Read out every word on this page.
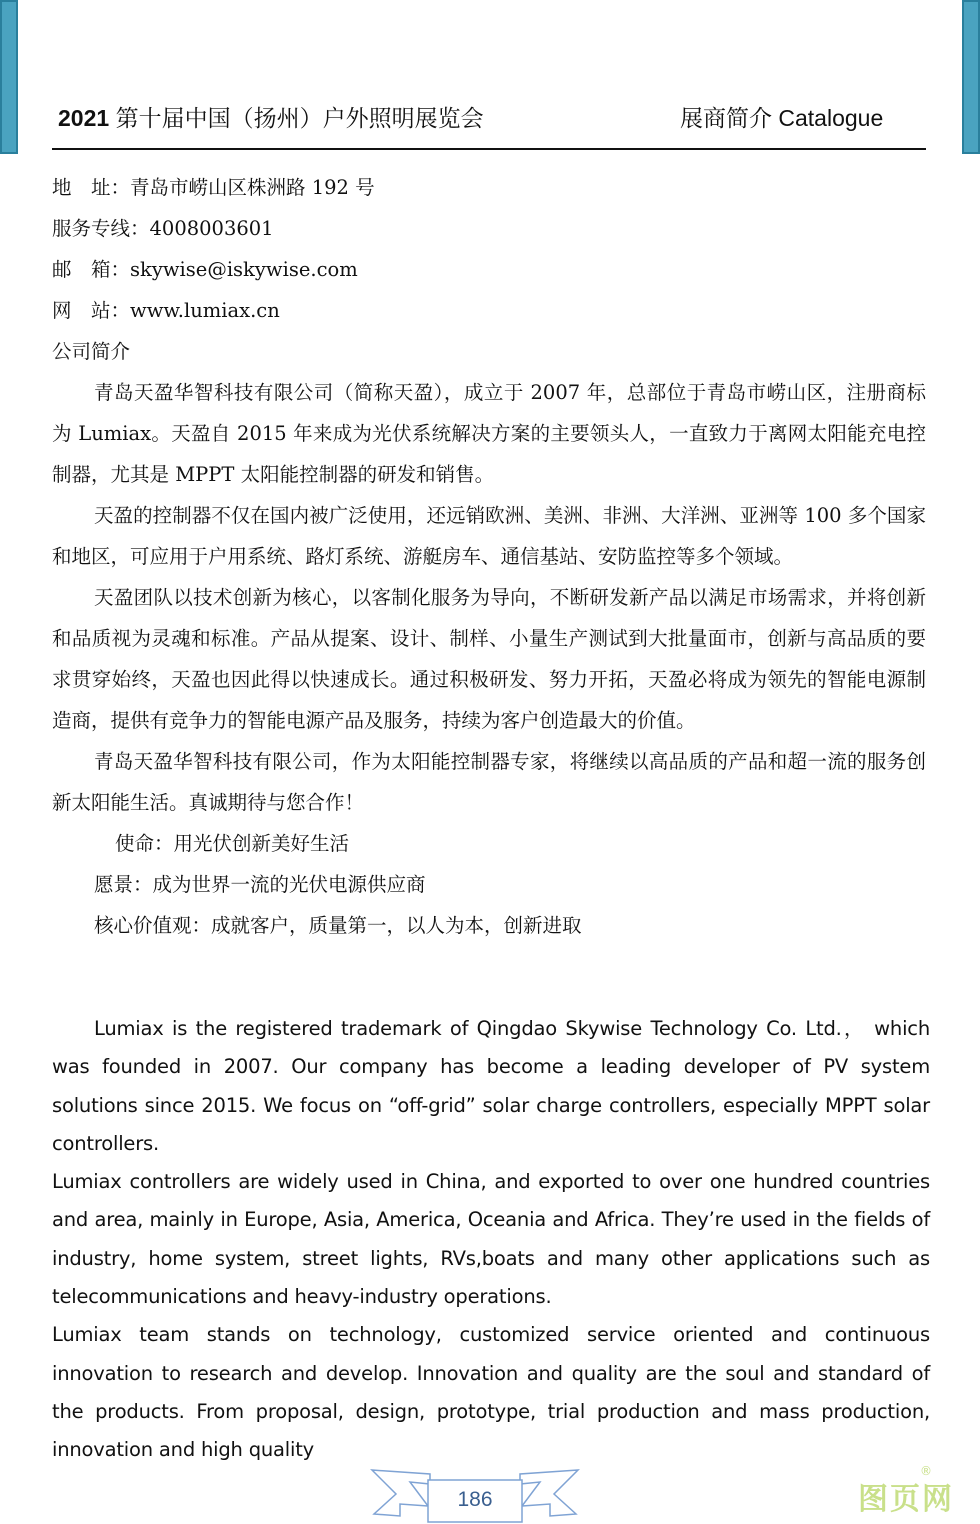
2021 第十届中国（扬州）户外照明展览会	展商简介 Catalogue

地　址：青岛市崂山区株洲路 192 号

服务专线：4008003601

邮　箱：skywise@iskywise.com

网　站：www.lumiax.cn

公司简介

青岛天盈华智科技有限公司（简称天盈），成立于 2007 年，总部位于青岛市崂山区，注册商标为 Lumiax。天盈自 2015 年来成为光伏系统解决方案的主要领头人，一直致力于离网太阳能充电控制器，尤其是 MPPT 太阳能控制器的研发和销售。

天盈的控制器不仅在国内被广泛使用，还远销欧洲、美洲、非洲、大洋洲、亚洲等 100 多个国家和地区，可应用于户用系统、路灯系统、游艇房车、通信基站、安防监控等多个领域。

天盈团队以技术创新为核心，以客制化服务为导向，不断研发新产品以满足市场需求，并将创新和品质视为灵魂和标准。产品从提案、设计、制样、小量生产测试到大批量面市，创新与高品质的要求贯穿始终，天盈也因此得以快速成长。通过积极研发、努力开拓，天盈必将成为领先的智能电源制造商，提供有竞争力的智能电源产品及服务，持续为客户创造最大的价值。

青岛天盈华智科技有限公司，作为太阳能控制器专家，将继续以高品质的产品和超一流的服务创新太阳能生活。真诚期待与您合作！

使命：用光伏创新美好生活

愿景：成为世界一流的光伏电源供应商

核心价值观：成就客户，质量第一，以人为本，创新进取

Lumiax is the registered trademark of Qingdao Skywise Technology Co. Ltd.， which was founded in 2007. Our company has become a leading developer of PV system solutions since 2015. We focus on “off-grid” solar charge controllers, especially MPPT solar controllers.

Lumiax controllers are widely used in China, and exported to over one hundred countries and area, mainly in Europe, Asia, America, Oceania and Africa. They’re used in the fields of industry, home system, street lights, RVs,boats and many other applications such as telecommunications and heavy-industry operations.

Lumiax team stands on technology, customized service oriented and continuous innovation to research and develop. Innovation and quality are the soul and standard of the products. From proposal, design, prototype, trial production and mass production, innovation and high quality

186	图页网
®
